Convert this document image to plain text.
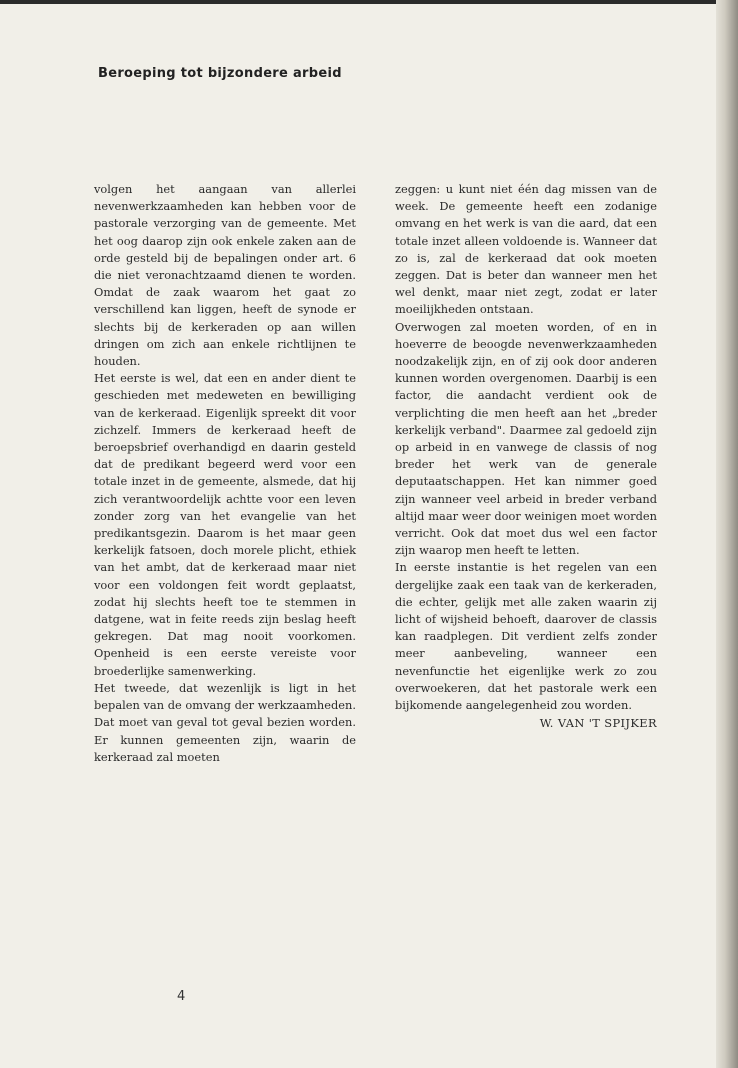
Beroeping tot bijzondere arbeid

volgen het aangaan van allerlei nevenwerkzaamheden kan hebben voor de pastorale verzorging van de gemeente. Met het oog daarop zijn ook enkele zaken aan de orde gesteld bij de bepalingen onder art. 6 die niet veronachtzaamd dienen te worden. Omdat de zaak waarom het gaat zo verschillend kan liggen, heeft de synode er slechts bij de kerkeraden op aan willen dringen om zich aan enkele richtlijnen te houden.

Het eerste is wel, dat een en ander dient te geschieden met medeweten en bewilliging van de kerkeraad. Eigenlijk spreekt dit voor zichzelf. Immers de kerkeraad heeft de beroepsbrief overhandigd en daarin gesteld dat de predikant begeerd werd voor een totale inzet in de gemeente, alsmede, dat hij zich verantwoordelijk achtte voor een leven zonder zorg van het evangelie van het predikantsgezin. Daarom is het maar geen kerkelijk fatsoen, doch morele plicht, ethiek van het ambt, dat de kerkeraad maar niet voor een voldongen feit wordt geplaatst, zodat hij slechts heeft toe te stemmen in datgene, wat in feite reeds zijn beslag heeft gekregen. Dat mag nooit voorkomen. Openheid is een eerste vereiste voor broederlijke samenwerking.

Het tweede, dat wezenlijk is ligt in het bepalen van de omvang der werkzaamheden. Dat moet van geval tot geval bezien worden. Er kunnen gemeenten zijn, waarin de kerkeraad zal moeten

zeggen: u kunt niet één dag missen van de week. De gemeente heeft een zodanige omvang en het werk is van die aard, dat een totale inzet alleen voldoende is. Wanneer dat zo is, zal de kerkeraad dat ook moeten zeggen. Dat is beter dan wanneer men het wel denkt, maar niet zegt, zodat er later moeilijkheden ontstaan.

Overwogen zal moeten worden, of en in hoeverre de beoogde nevenwerkzaamheden noodzakelijk zijn, en of zij ook door anderen kunnen worden overgenomen. Daarbij is een factor, die aandacht verdient ook de verplichting die men heeft aan het „breder kerkelijk verband". Daarmee zal gedoeld zijn op arbeid in en vanwege de classis of nog breder het werk van de generale deputaatschappen. Het kan nimmer goed zijn wanneer veel arbeid in breder verband altijd maar weer door weinigen moet worden verricht. Ook dat moet dus wel een factor zijn waarop men heeft te letten.

In eerste instantie is het regelen van een dergelijke zaak een taak van de kerkeraden, die echter, gelijk met alle zaken waarin zij licht of wijsheid behoeft, daarover de classis kan raadplegen. Dit verdient zelfs zonder meer aanbeveling, wanneer een nevenfunctie het eigenlijke werk zo zou overwoekeren, dat het pastorale werk een bijkomende aangelegenheid zou worden.

W. VAN 'T SPIJKER
4
